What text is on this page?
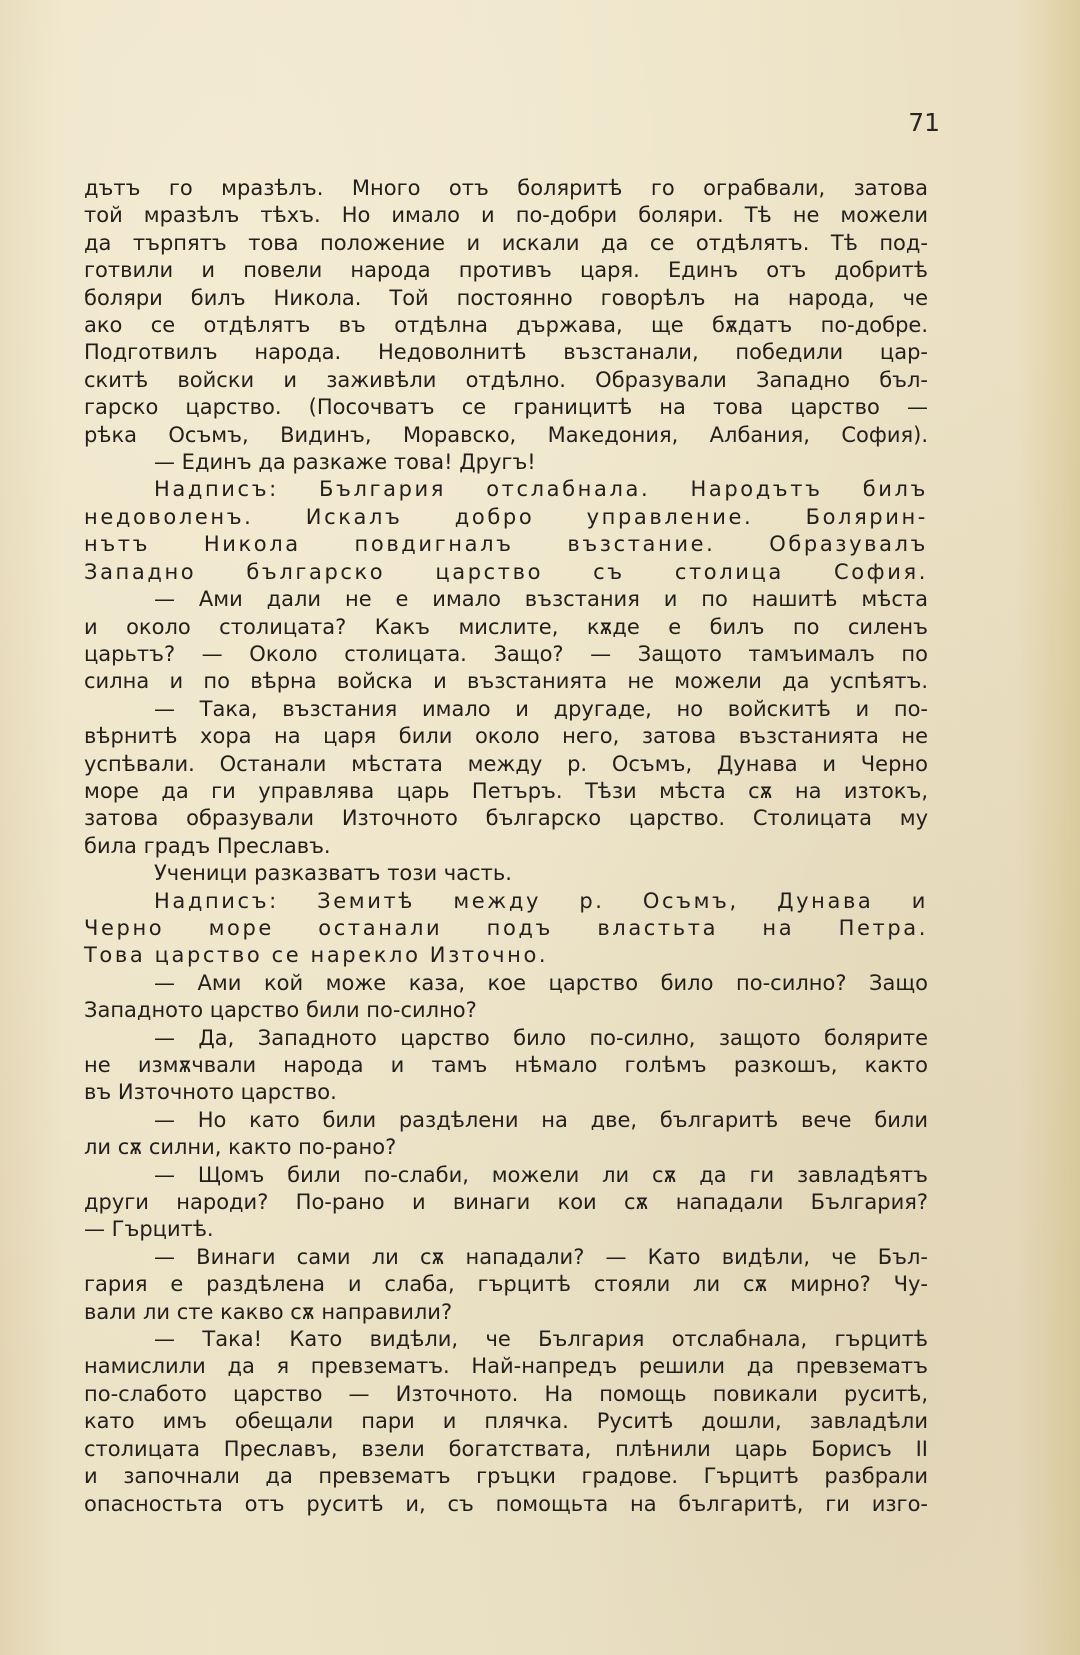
71
дътъ го мразѣлъ. Много отъ боляритѣ го ограбвали, затова
той мразѣлъ тѣхъ. Но имало и по-добри боляри. Тѣ не можели
да търпятъ това положение и искали да се отдѣлятъ. Тѣ под-
готвили и повели народа противъ царя. Единъ отъ добритѣ
боляри билъ Никола. Той постоянно говорѣлъ на народа, че
ако се отдѣлятъ въ отдѣлна държава, ще бѫдатъ по-добре.
Подготвилъ народа. Недоволнитѣ възстанали, победили цар-
скитѣ войски и заживѣли отдѣлно. Образували Западно бъл-
гарско царство. (Посочватъ се границитѣ на това царство —
рѣка Осъмъ, Видинъ, Моравско, Македония, Албания, София).
— Единъ да разкаже това! Другъ!
Надписъ: България отслабнала. Народътъ билъ
недоволенъ. Искалъ добро управление. Болярин-
нътъ Никола повдигналъ възстание. Образувалъ
Западно българско царство съ столица София.
— Ами дали не е имало възстания и по нашитѣ мѣста
и около столицата? Какъ мислите, кѫде е билъ по силенъ
царьтъ? — Около столицата. Защо? — Защото тамъималъ по
силна и по вѣрна войска и възстанията не можели да успѣятъ.
— Така, възстания имало и другаде, но войскитѣ и по-
вѣрнитѣ хора на царя били около него, затова възстанията не
успѣвали. Останали мѣстата между р. Осъмъ, Дунава и Черно
море да ги управлява царь Петъръ. Тѣзи мѣста сѫ на изтокъ,
затова образували Източното българско царство. Столицата му
била градъ Преславъ.
Ученици разказватъ този часть.
Надписъ: Земитѣ между р. Осъмъ, Дунава и
Черно море останали подъ властьта на Петра.
Това царство се нарекло Източно.
— Ами кой може каза, кое царство било по-силно? Защо
Западното царство били по-силно?
— Да, Западното царство било по-силно, защото болярите
не измѫчвали народа и тамъ нѣмало голѣмъ разкошъ, както
въ Източното царство.
— Но като били раздѣлени на две, българитѣ вече били
ли сѫ силни, както по-рано?
— Щомъ били по-слаби, можели ли сѫ да ги завладѣятъ
други народи? По-рано и винаги кои сѫ нападали България?
— Гърцитѣ.
— Винаги сами ли сѫ нападали? — Като видѣли, че Бъл-
гария е раздѣлена и слаба, гърцитѣ стояли ли сѫ мирно? Чу-
вали ли сте какво сѫ направили?
— Така! Като видѣли, че България отслабнала, гърцитѣ
намислили да я превзематъ. Най-напредъ решили да превзематъ
по-слабото царство — Източното. На помощь повикали руситѣ,
като имъ обещали пари и плячка. Руситѣ дошли, завладѣли
столицата Преславъ, взели богатствата, плѣнили царь Борисъ II
и започнали да превзематъ гръцки градове. Гърцитѣ разбрали
опасностьта отъ руситѣ и, съ помощьта на българитѣ, ги изго-
